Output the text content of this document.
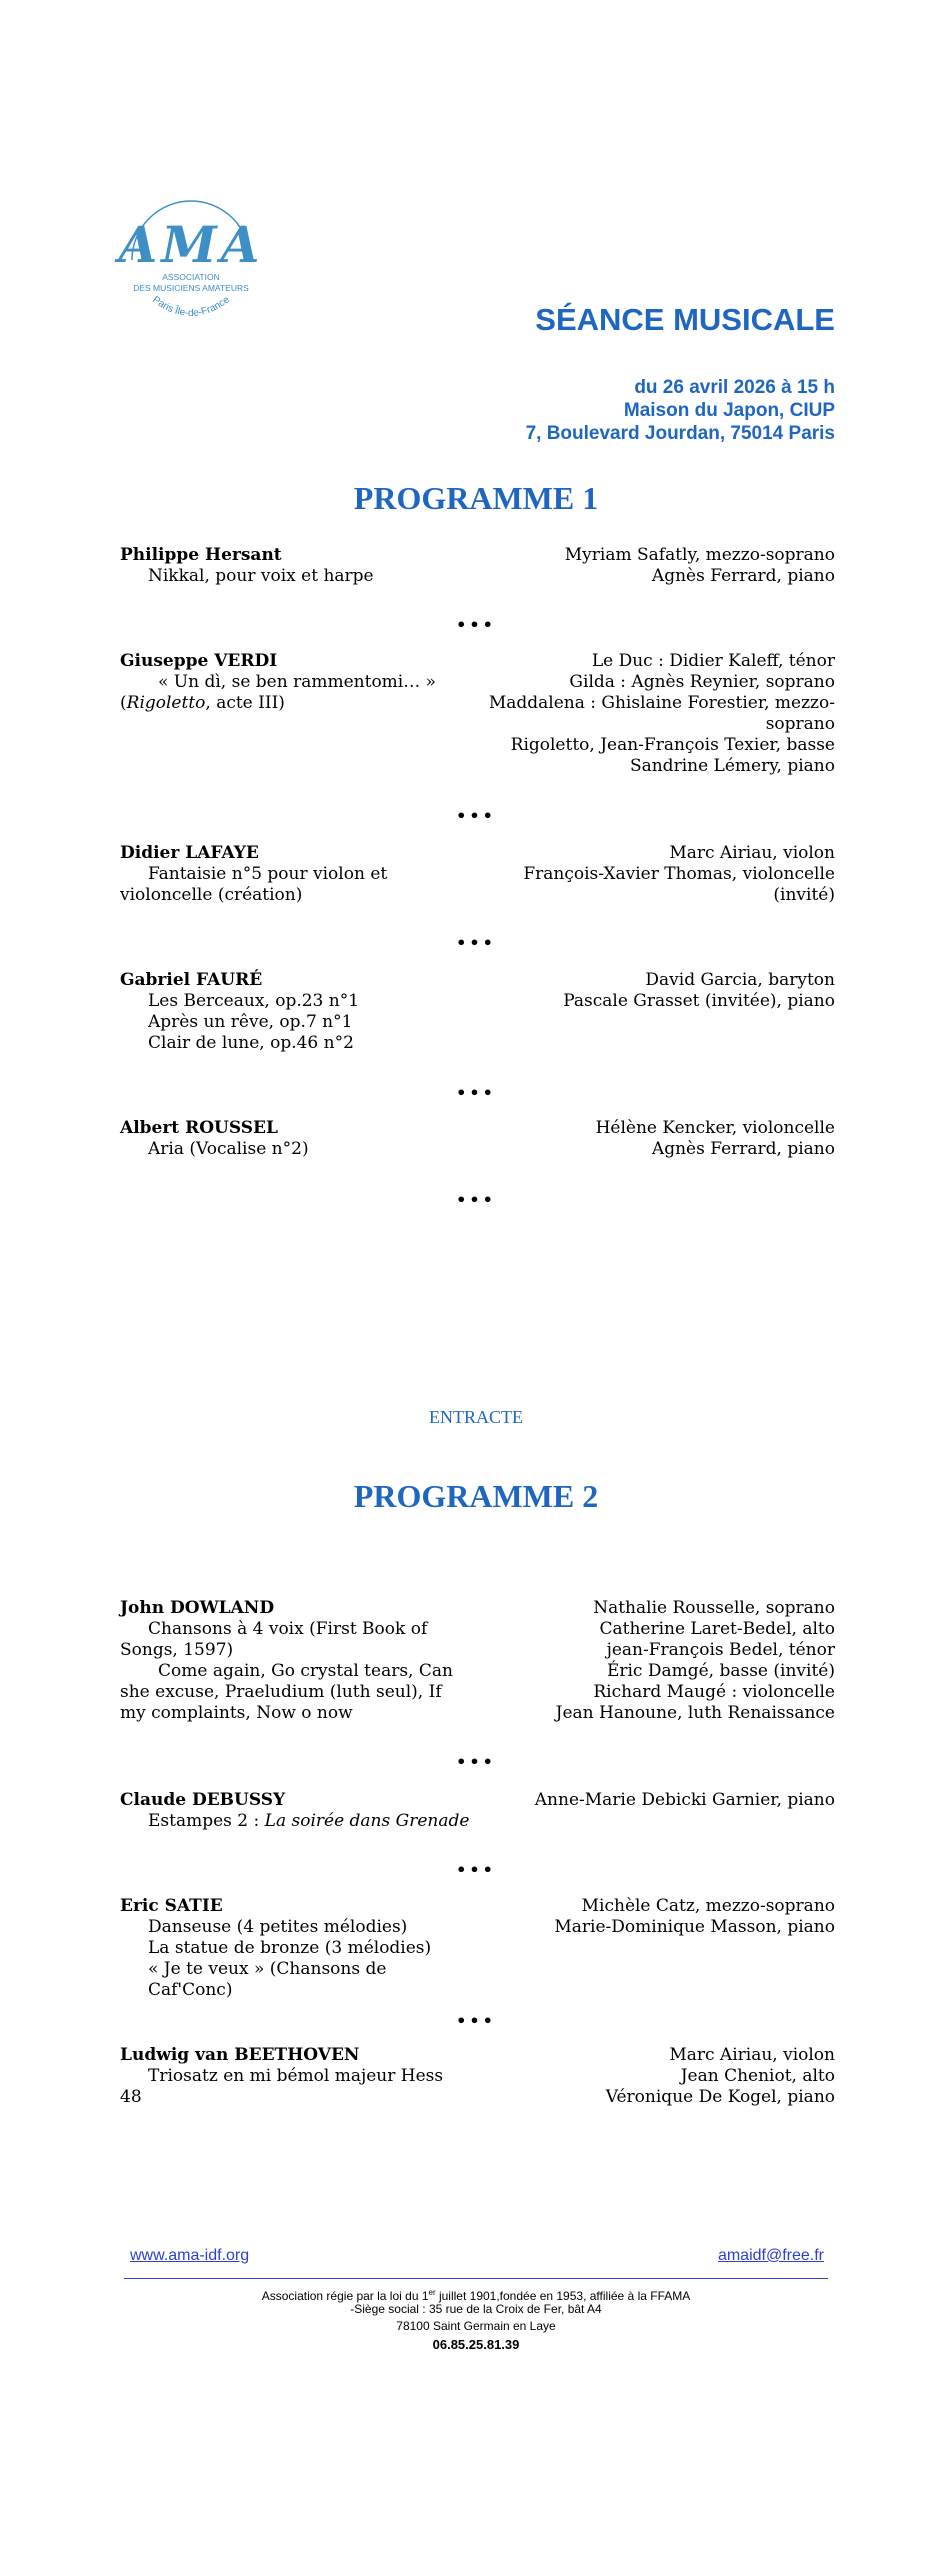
AMA
ASSOCIATION
DES MUSICIENS AMATEURS
Paris Île-de-France
SÉANCE MUSICALE
du 26 avril 2026 à 15 h
Maison du Japon, CIUP
7, Boulevard Jourdan, 75014 Paris
PROGRAMME 1
Philippe Hersant
Nikkal, pour voix et harpe
Myriam Safatly, mezzo-soprano
Agnès Ferrard, piano
•••
Giuseppe VERDI
« Un dì, se ben rammentomi… »
(Rigoletto, acte III)
Le Duc : Didier Kaleff, ténor
Gilda : Agnès Reynier, soprano
Maddalena : Ghislaine Forestier, mezzo-
soprano
Rigoletto, Jean-François Texier, basse
Sandrine Lémery, piano
•••
Didier LAFAYE
Fantaisie n°5 pour violon et
violoncelle (création)
Marc Airiau, violon
François-Xavier Thomas, violoncelle
(invité)
•••
Gabriel FAURÉ
Les Berceaux, op.23 n°1
Après un rêve, op.7 n°1
Clair de lune, op.46 n°2
David Garcia, baryton
Pascale Grasset (invitée), piano
•••
Albert ROUSSEL
Aria (Vocalise n°2)
Hélène Kencker, violoncelle
Agnès Ferrard, piano
•••
ENTRACTE
PROGRAMME 2
John DOWLAND
Chansons à 4 voix (First Book of
Songs, 1597)
Come again, Go crystal tears, Can
she excuse, Praeludium (luth seul), If
my complaints, Now o now
Nathalie Rousselle, soprano
Catherine Laret-Bedel, alto
jean-François Bedel, ténor
Éric Damgé, basse (invité)
Richard Maugé : violoncelle
Jean Hanoune, luth Renaissance
•••
Claude DEBUSSY
Estampes 2 : La soirée dans Grenade
Anne-Marie Debicki Garnier, piano
•••
Eric SATIE
Danseuse (4 petites mélodies)
La statue de bronze (3 mélodies)
« Je te veux » (Chansons de Caf'Conc)
Michèle Catz, mezzo-soprano
Marie-Dominique Masson, piano
•••
Ludwig van BEETHOVEN
Triosatz en mi bémol majeur Hess
48
Marc Airiau, violon
Jean Cheniot, alto
Véronique De Kogel, piano
www.ama-idf.org	amaidf@free.fr
Association régie par la loi du 1er juillet 1901,fondée en 1953, affiliée à la FFAMA
-Siège social : 35 rue de la Croix de Fer, bât A4
78100 Saint Germain en Laye
06.85.25.81.39
